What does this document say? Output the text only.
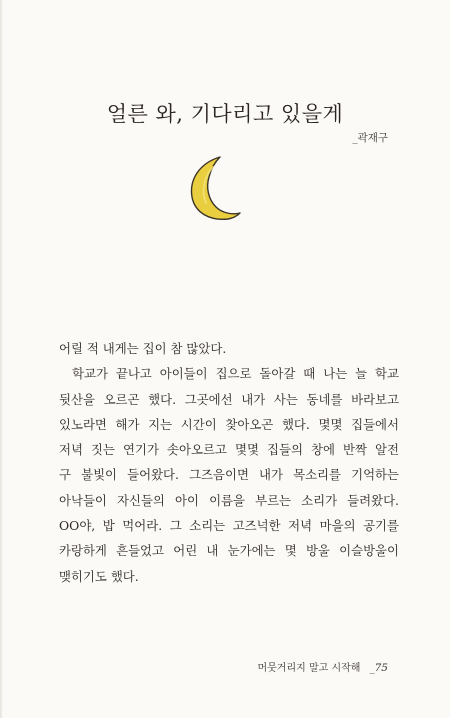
얼른 와, 기다리고 있을게
_곽재구
어릴 적 내게는 집이 참 많았다.
학교가 끝나고 아이들이 집으로 돌아갈 때 나는 늘 학교
뒷산을 오르곤 했다. 그곳에선 내가 사는 동네를 바라보고
있노라면 해가 지는 시간이 찾아오곤 했다. 몇몇 집들에서
저녁 짓는 연기가 솟아오르고 몇몇 집들의 창에 반짝 알전
구 불빛이 들어왔다. 그즈음이면 내가 목소리를 기억하는
아낙들이 자신들의 아이 이름을 부르는 소리가 들려왔다.
OO야, 밥 먹어라. 그 소리는 고즈넉한 저녁 마을의 공기를
카랑하게 흔들었고 어린 내 눈가에는 몇 방울 이슬방울이
맺히기도 했다.
머뭇거리지 말고 시작해 _75
